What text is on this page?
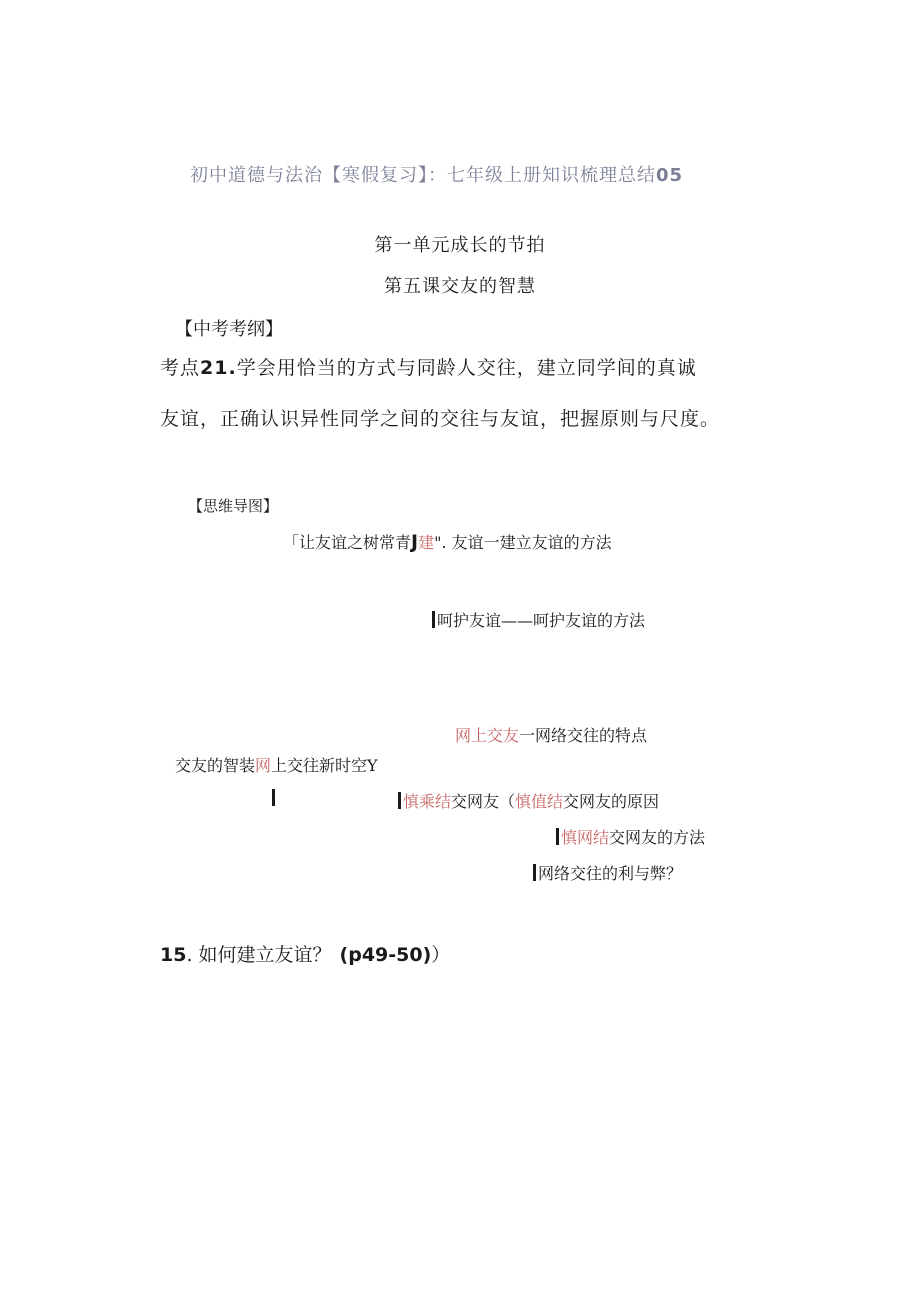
初中道德与法治【寒假复习】：七年级上册知识梳理总结05
第一单元成长的节拍
第五课交友的智慧
【中考考纲】
考点21.学会用恰当的方式与同龄人交往，建立同学间的真诚
友谊，正确认识异性同学之间的交往与友谊，把握原则与尺度。
【思维导图】
「让友谊之树常青J建". 友谊一建立友谊的方法
呵护友谊——呵护友谊的方法
网上交友一网络交往的特点
交友的智装网上交往新时空Y
慎乘结交网友（慎值结交网友的原因
慎网结交网友的方法
网络交往的利与弊？
15. 如何建立友谊？ (p49-50)）
